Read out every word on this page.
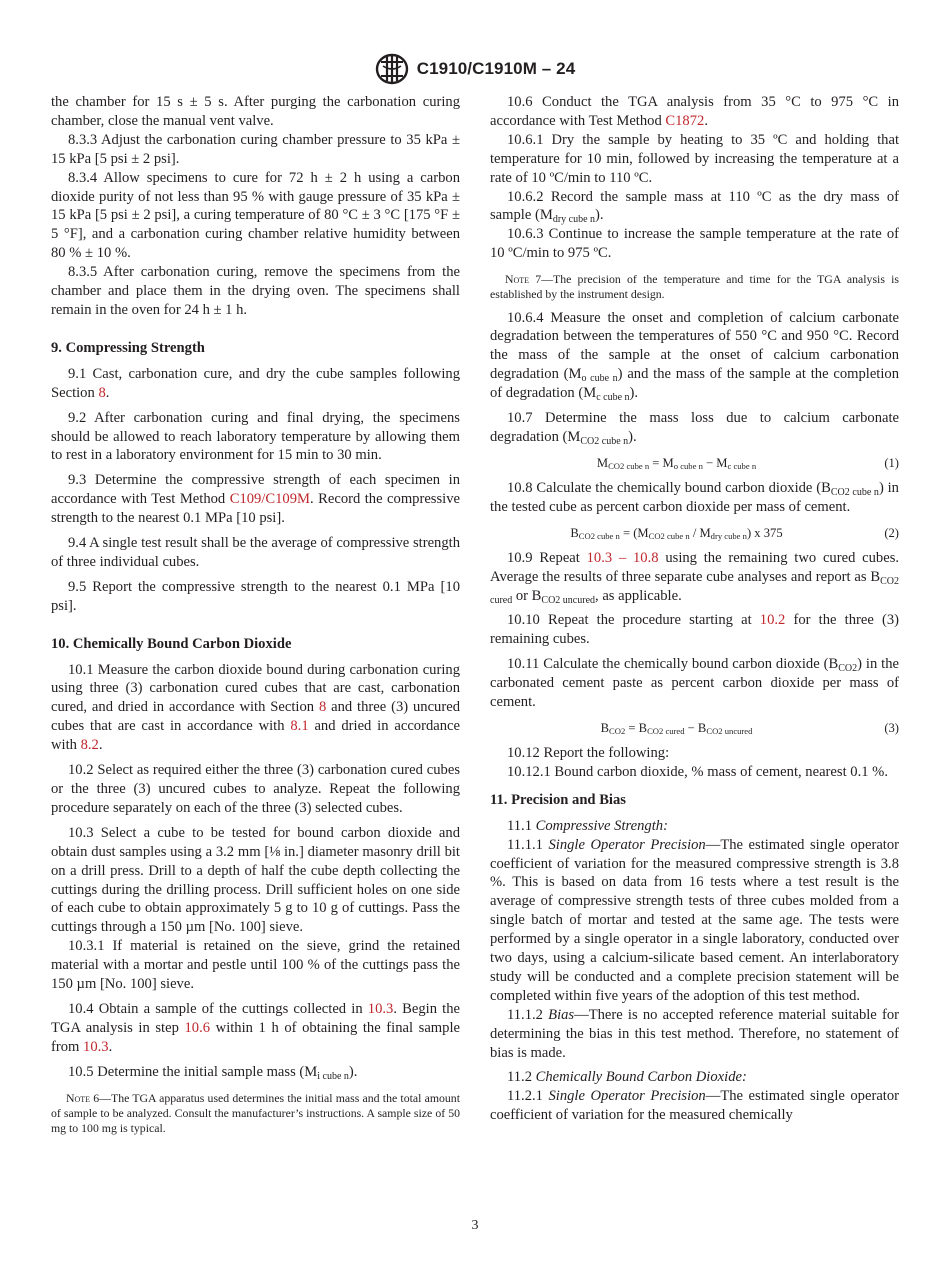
C1910/C1910M – 24

the chamber for 15 s ± 5 s. After purging the carbonation curing chamber, close the manual vent valve.

8.3.3 Adjust the carbonation curing chamber pressure to 35 kPa ± 15 kPa [5 psi ± 2 psi].

8.3.4 Allow specimens to cure for 72 h ± 2 h using a carbon dioxide purity of not less than 95 % with gauge pressure of 35 kPa ± 15 kPa [5 psi ± 2 psi], a curing temperature of 80 °C ± 3 °C [175 °F ± 5 °F], and a carbonation curing chamber relative humidity between 80 % ± 10 %.

8.3.5 After carbonation curing, remove the specimens from the chamber and place them in the drying oven. The specimens shall remain in the oven for 24 h ± 1 h.

9. Compressing Strength

9.1 Cast, carbonation cure, and dry the cube samples following Section 8.

9.2 After carbonation curing and final drying, the specimens should be allowed to reach laboratory temperature by allowing them to rest in a laboratory environment for 15 min to 30 min.

9.3 Determine the compressive strength of each specimen in accordance with Test Method C109/C109M. Record the compressive strength to the nearest 0.1 MPa [10 psi].

9.4 A single test result shall be the average of compressive strength of three individual cubes.

9.5 Report the compressive strength to the nearest 0.1 MPa [10 psi].

10. Chemically Bound Carbon Dioxide

10.1 Measure the carbon dioxide bound during carbonation curing using three (3) carbonation cured cubes that are cast, carbonation cured, and dried in accordance with Section 8 and three (3) uncured cubes that are cast in accordance with 8.1 and dried in accordance with 8.2.

10.2 Select as required either the three (3) carbonation cured cubes or the three (3) uncured cubes to analyze. Repeat the following procedure separately on each of the three (3) selected cubes.

10.3 Select a cube to be tested for bound carbon dioxide and obtain dust samples using a 3.2 mm [⅛ in.] diameter masonry drill bit on a drill press. Drill to a depth of half the cube depth collecting the cuttings during the drilling process. Drill sufficient holes on one side of each cube to obtain approximately 5 g to 10 g of cuttings. Pass the cuttings through a 150 µm [No. 100] sieve.

10.3.1 If material is retained on the sieve, grind the retained material with a mortar and pestle until 100 % of the cuttings pass the 150 µm [No. 100] sieve.

10.4 Obtain a sample of the cuttings collected in 10.3. Begin the TGA analysis in step 10.6 within 1 h of obtaining the final sample from 10.3.

10.5 Determine the initial sample mass $(M_{i cube n})$.

Note 6—The TGA apparatus used determines the initial mass and the total amount of sample to be analyzed. Consult the manufacturer’s instructions. A sample size of 50 mg to 100 mg is typical.

10.6 Conduct the TGA analysis from 35 °C to 975 °C in accordance with Test Method C1872.

10.6.1 Dry the sample by heating to 35 ºC and holding that temperature for 10 min, followed by increasing the temperature at a rate of 10 ºC/min to 110 ºC.

10.6.2 Record the sample mass at 110 ºC as the dry mass of sample $(M_{dry cube n})$.

10.6.3 Continue to increase the sample temperature at the rate of 10 ºC/min to 975 ºC.

Note 7—The precision of the temperature and time for the TGA analysis is established by the instrument design.

10.6.4 Measure the onset and completion of calcium carbonate degradation between the temperatures of 550 °C and 950 °C. Record the mass of the sample at the onset of calcium carbonation degradation $(M_{o cube n})$ and the mass of the sample at the completion of degradation $(M_{c cube n})$.

10.7 Determine the mass loss due to calcium carbonate degradation $(M_{CO2 cube n})$.

MCO2 cube n = Mo cube n − Mc cube n	(1)

10.8 Calculate the chemically bound carbon dioxide $(B_{CO2 cube n})$ in the tested cube as percent carbon dioxide per mass of cement.

BCO2 cube n = (MCO2 cube n / Mdry cube n) x 375	(2)

10.9 Repeat 10.3 – 10.8 using the remaining two cured cubes. Average the results of three separate cube analyses and report as $B_{CO2 cured}$ or $B_{CO2 uncured}$, as applicable.

10.10 Repeat the procedure starting at 10.2 for the three (3) remaining cubes.

10.11 Calculate the chemically bound carbon dioxide $(B_{CO2})$ in the carbonated cement paste as percent carbon dioxide per mass of cement.

BCO2 = BCO2 cured − BCO2 uncured	(3)

10.12 Report the following:

10.12.1 Bound carbon dioxide, % mass of cement, nearest 0.1 %.

11. Precision and Bias

11.1 Compressive Strength:

11.1.1 Single Operator Precision—The estimated single operator coefficient of variation for the measured compressive strength is 3.8 %. This is based on data from 16 tests where a test result is the average of compressive strength tests of three cubes molded from a single batch of mortar and tested at the same age. The tests were performed by a single operator in a single laboratory, conducted over two days, using a calcium-silicate based cement. An interlaboratory study will be conducted and a complete precision statement will be completed within five years of the adoption of this test method.

11.1.2 Bias—There is no accepted reference material suitable for determining the bias in this test method. Therefore, no statement of bias is made.

11.2 Chemically Bound Carbon Dioxide:

11.2.1 Single Operator Precision—The estimated single operator coefficient of variation for the measured chemically

3
